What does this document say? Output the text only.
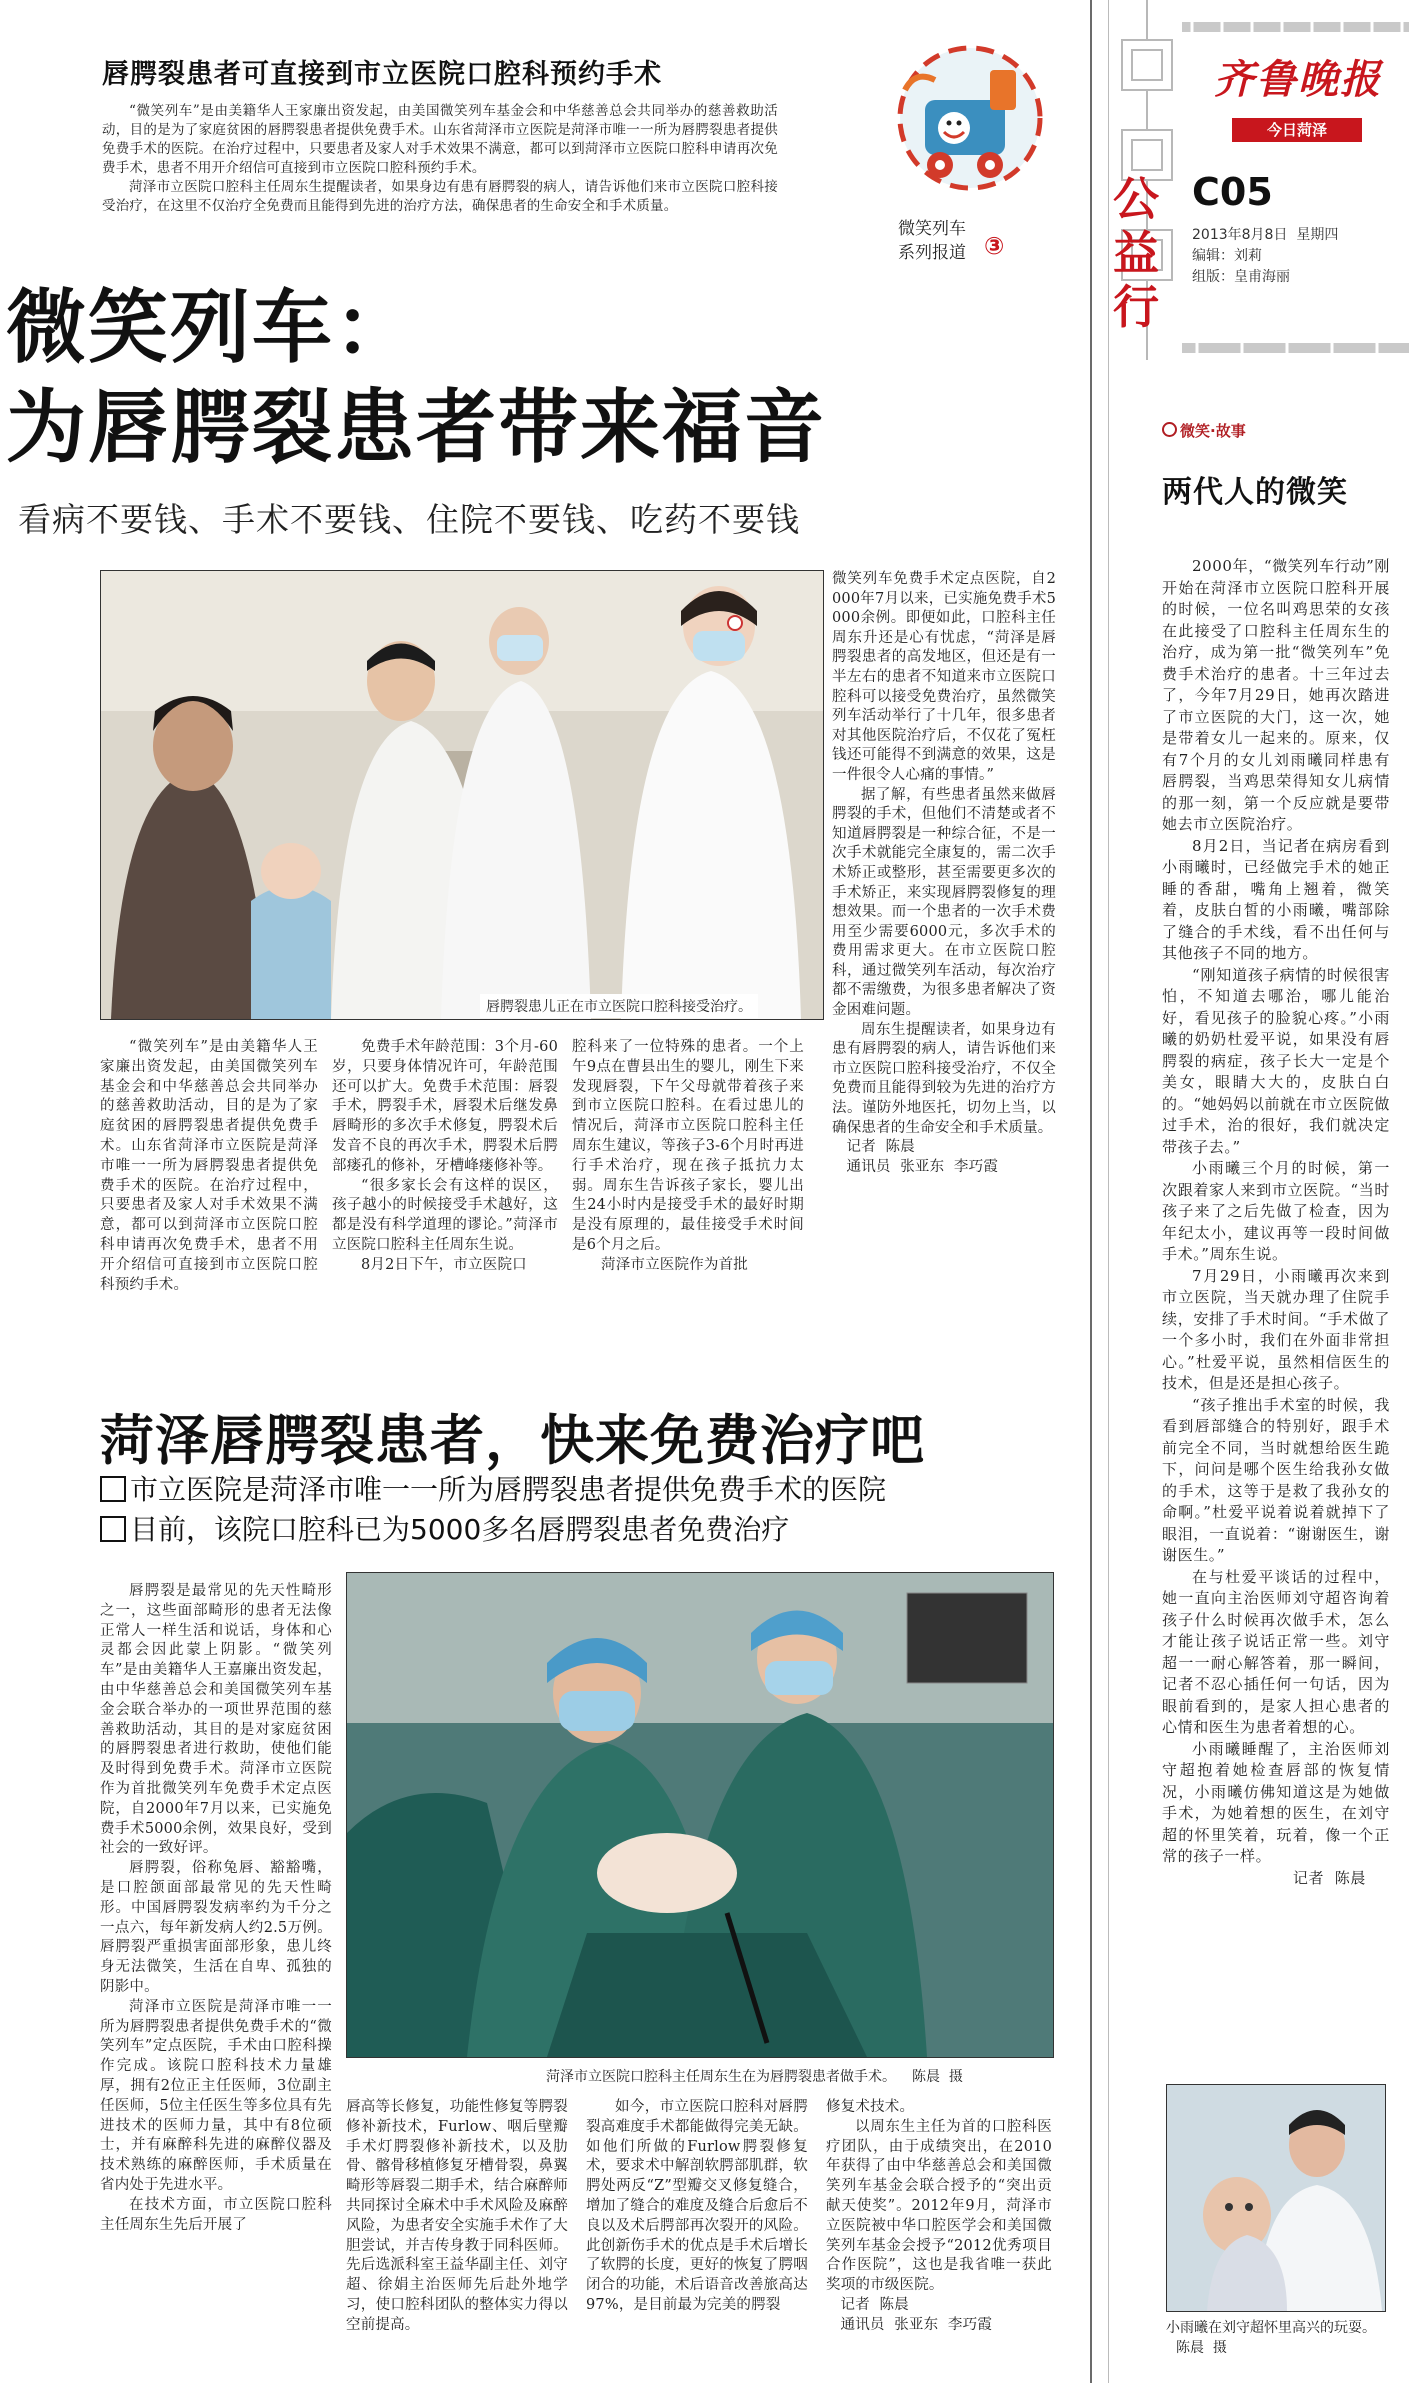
齐鲁晚报
今日菏泽
公益行
C05
2013年8月8日  星期四
编辑：刘莉
组版：皇甫海丽
微笑·故事
两代人的微笑

2000年，“微笑列车行动”刚开始在菏泽市立医院口腔科开展的时候，一位名叫鸡思荣的女孩在此接受了口腔科主任周东生的治疗，成为第一批“微笑列车”免费手术治疗的患者。十三年过去了，今年7月29日，她再次踏进了市立医院的大门，这一次，她是带着女儿一起来的。原来，仅有7个月的女儿刘雨曦同样患有唇腭裂，当鸡思荣得知女儿病情的那一刻，第一个反应就是要带她去市立医院治疗。

8月2日，当记者在病房看到小雨曦时，已经做完手术的她正睡的香甜，嘴角上翘着，微笑着，皮肤白皙的小雨曦，嘴部除了缝合的手术线，看不出任何与其他孩子不同的地方。

“刚知道孩子病情的时候很害怕，不知道去哪治，哪儿能治好，看见孩子的脸貌心疼。”小雨曦的奶奶杜爱平说，如果没有唇腭裂的病症，孩子长大一定是个美女，眼睛大大的，皮肤白白的。“她妈妈以前就在市立医院做过手术，治的很好，我们就决定带孩子去。”

小雨曦三个月的时候，第一次跟着家人来到市立医院。“当时孩子来了之后先做了检查，因为年纪太小，建议再等一段时间做手术。”周东生说。

7月29日，小雨曦再次来到市立医院，当天就办理了住院手续，安排了手术时间。“手术做了一个多小时，我们在外面非常担心。”杜爱平说，虽然相信医生的技术，但是还是担心孩子。

“孩子推出手术室的时候，我看到唇部缝合的特别好，跟手术前完全不同，当时就想给医生跪下，问问是哪个医生给我孙女做的手术，这等于是救了我孙女的命啊。”杜爱平说着说着就掉下了眼泪，一直说着：“谢谢医生，谢谢医生。”

在与杜爱平谈话的过程中，她一直向主治医师刘守超咨询着孩子什么时候再次做手术，怎么才能让孩子说话正常一些。刘守超一一耐心解答着，那一瞬间，记者不忍心插任何一句话，因为眼前看到的，是家人担心患者的心情和医生为患者着想的心。

小雨曦睡醒了，主治医师刘守超抱着她检查唇部的恢复情况，小雨曦仿佛知道这是为她做手术，为她着想的医生，在刘守超的怀里笑着，玩着，像一个正常的孩子一样。

记者  陈晨

小雨曦在刘守超怀里高兴的玩耍。陈晨  摄
唇腭裂患者可直接到市立医院口腔科预约手术

“微笑列车”是由美籍华人王家廉出资发起，由美国微笑列车基金会和中华慈善总会共同举办的慈善救助活动，目的是为了家庭贫困的唇腭裂患者提供免费手术。山东省菏泽市立医院是菏泽市唯一一所为唇腭裂患者提供免费手术的医院。在治疗过程中，只要患者及家人对手术效果不满意，都可以到菏泽市立医院口腔科申请再次免费手术，患者不用开介绍信可直接到市立医院口腔科预约手术。

菏泽市立医院口腔科主任周东生提醒读者，如果身边有患有唇腭裂的病人，请告诉他们来市立医院口腔科接受治疗，在这里不仅治疗全免费而且能得到先进的治疗方法，确保患者的生命安全和手术质量。

微笑列车
系列报道 ③
微笑列车：
为唇腭裂患者带来福音
看病不要钱、手术不要钱、住院不要钱、吃药不要钱
唇腭裂患儿正在市立医院口腔科接受治疗。

微笑列车免费手术定点医院，自2000年7月以来，已实施免费手术5000余例。即便如此，口腔科主任周东升还是心有忧虑，“菏泽是唇腭裂患者的高发地区，但还是有一半左右的患者不知道来市立医院口腔科可以接受免费治疗，虽然微笑列车活动举行了十几年，很多患者对其他医院治疗后，不仅花了冤枉钱还可能得不到满意的效果，这是一件很令人心痛的事情。”

据了解，有些患者虽然来做唇腭裂的手术，但他们不清楚或者不知道唇腭裂是一种综合征，不是一次手术就能完全康复的，需二次手术矫正或整形，甚至需要更多次的手术矫正，来实现唇腭裂修复的理想效果。而一个患者的一次手术费用至少需要6000元，多次手术的费用需求更大。在市立医院口腔科，通过微笑列车活动，每次治疗都不需缴费，为很多患者解决了资金困难问题。

周东生提醒读者，如果身边有患有唇腭裂的病人，请告诉他们来市立医院口腔科接受治疗，不仅全免费而且能得到较为先进的治疗方法。谨防外地医托，切勿上当，以确保患者的生命安全和手术质量。

记者  陈晨

通讯员  张亚东  李巧霞

“微笑列车”是由美籍华人王家廉出资发起，由美国微笑列车基金会和中华慈善总会共同举办的慈善救助活动，目的是为了家庭贫困的唇腭裂患者提供免费手术。山东省菏泽市立医院是菏泽市唯一一所为唇腭裂患者提供免费手术的医院。在治疗过程中，只要患者及家人对手术效果不满意，都可以到菏泽市立医院口腔科申请再次免费手术，患者不用开介绍信可直接到市立医院口腔科预约手术。

免费手术年龄范围：3个月-60岁，只要身体情况许可，年龄范围还可以扩大。免费手术范围：唇裂手术，腭裂手术，唇裂术后继发鼻唇畸形的多次手术修复，腭裂术后发音不良的再次手术，腭裂术后腭部瘘孔的修补，牙槽峰瘘修补等。

“很多家长会有这样的误区，孩子越小的时候接受手术越好，这都是没有科学道理的谬论。”菏泽市立医院口腔科主任周东生说。

8月2日下午，市立医院口

腔科来了一位特殊的患者。一个上午9点在曹县出生的婴儿，刚生下来发现唇裂，下午父母就带着孩子来到市立医院口腔科。在看过患儿的情况后，菏泽市立医院口腔科主任周东生建议，等孩子3-6个月时再进行手术治疗，现在孩子抵抗力太弱。周东生告诉孩子家长，婴儿出生24小时内是接受手术的最好时期是没有原理的，最佳接受手术时间是6个月之后。

菏泽市立医院作为首批

菏泽唇腭裂患者，快来免费治疗吧
市立医院是菏泽市唯一一所为唇腭裂患者提供免费手术的医院
目前，该院口腔科已为5000多名唇腭裂患者免费治疗
菏泽市立医院口腔科主任周东生在为唇腭裂患者做手术。 陈晨  摄

唇腭裂是最常见的先天性畸形之一，这些面部畸形的患者无法像正常人一样生活和说话，身体和心灵都会因此蒙上阴影。“微笑列车”是由美籍华人王嘉廉出资发起，由中华慈善总会和美国微笑列车基金会联合举办的一项世界范围的慈善救助活动，其目的是对家庭贫困的唇腭裂患者进行救助，使他们能及时得到免费手术。菏泽市立医院作为首批微笑列车免费手术定点医院，自2000年7月以来，已实施免费手术5000余例，效果良好，受到社会的一致好评。

唇腭裂，俗称兔唇、豁豁嘴，是口腔颌面部最常见的先天性畸形。中国唇腭裂发病率约为千分之一点六，每年新发病人约2.5万例。唇腭裂严重损害面部形象，患儿终身无法微笑，生活在自卑、孤独的阴影中。

菏泽市立医院是菏泽市唯一一所为唇腭裂患者提供免费手术的“微笑列车”定点医院，手术由口腔科操作完成。该院口腔科技术力量雄厚，拥有2位正主任医师，3位副主任医师，5位主任医生等多位具有先进技术的医师力量，其中有8位硕士，并有麻醉科先进的麻醉仪器及技术熟练的麻醉医师，手术质量在省内处于先进水平。

在技术方面，市立医院口腔科主任周东生先后开展了

唇高等长修复，功能性修复等腭裂修补新技术，Furlow、咽后壁瓣手术灯腭裂修补新技术，以及肋骨、髂骨移植修复牙槽骨裂，鼻翼畸形等唇裂二期手术，结合麻醉师共同探讨全麻术中手术风险及麻醉风险，为患者安全实施手术作了大胆尝试，并吉传身教于同科医师。先后选派科室王益华副主任、刘守超、徐娟主治医师先后赴外地学习，使口腔科团队的整体实力得以空前提高。

如今，市立医院口腔科对唇腭裂高难度手术都能做得完美无缺。如他们所做的Furlow腭裂修复术，要求术中解剖软腭部肌群，软腭处两反“Z”型瓣交叉修复缝合，增加了缝合的难度及缝合后愈后不良以及术后腭部再次裂开的风险。此创新伤手术的优点是手术后增长了软腭的长度，更好的恢复了腭咽闭合的功能，术后语音改善旅高达97%，是目前最为完美的腭裂

修复术技术。

以周东生主任为首的口腔科医疗团队，由于成绩突出，在2010年获得了由中华慈善总会和美国微笑列车基金会联合授予的“突出贡献天使奖”。2012年9月，菏泽市立医院被中华口腔医学会和美国微笑列车基金会授予“2012优秀项目合作医院”，这也是我省唯一获此奖项的市级医院。

记者  陈晨

通讯员  张亚东  李巧霞
